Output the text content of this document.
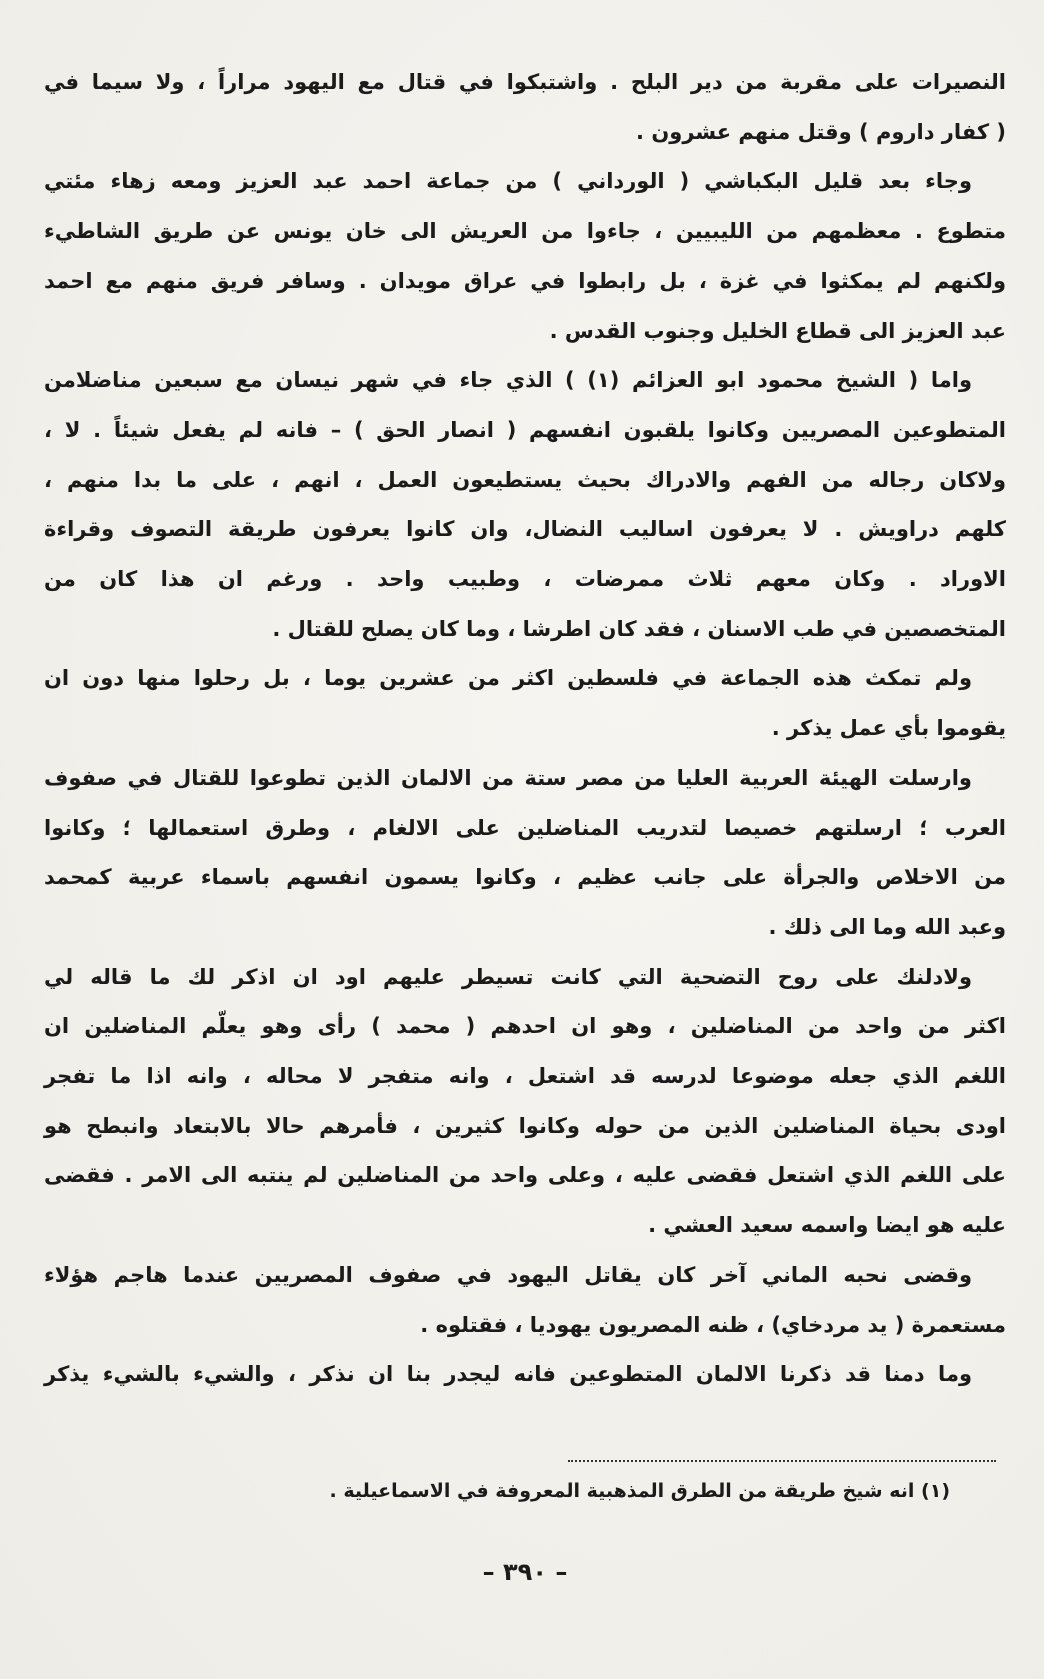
النصيرات على مقربة من دير البلح . واشتبكوا في قتال مع اليهود مراراً ، ولا سيما في
( كفار داروم ) وقتل منهم عشرون .
وجاء بعد قليل البكباشي ( الورداني ) من جماعة احمد عبد العزيز ومعه زهاء مئتي
متطوع . معظمهم من الليبيين ، جاءوا من العريش الى خان يونس عن طريق الشاطيء
ولكنهم لم يمكثوا في غزة ، بل رابطوا في عراق مويدان . وسافر فريق منهم مع احمد
عبد العزيز الى قطاع الخليل وجنوب القدس .
واما ( الشيخ محمود ابو العزائم (١) ) الذي جاء في شهر نيسان مع سبعين مناضلامن
المتطوعين المصريين وكانوا يلقبون انفسهم ( انصار الحق ) – فانه لم يفعل شيئاً . لا ،
ولاكان رجاله من الفهم والادراك بحيث يستطيعون العمل ، انهم ، على ما بدا منهم ،
كلهم دراويش . لا يعرفون اساليب النضال، وان كانوا يعرفون طريقة التصوف وقراءة
الاوراد . وكان معهم ثلاث ممرضات ، وطبيب واحد . ورغم ان هذا كان من
المتخصصين في طب الاسنان ، فقد كان اطرشا ، وما كان يصلح للقتال .
ولم تمكث هذه الجماعة في فلسطين اكثر من عشرين يوما ، بل رحلوا منها دون ان
يقوموا بأي عمل يذكر .
وارسلت الهيئة العربية العليا من مصر ستة من الالمان الذين تطوعوا للقتال في صفوف
العرب ؛ ارسلتهم خصيصا لتدريب المناضلين على الالغام ، وطرق استعمالها ؛ وكانوا
من الاخلاص والجرأة على جانب عظيم ، وكانوا يسمون انفسهم باسماء عربية كمحمد
وعبد الله وما الى ذلك .
ولادلنك على روح التضحية التي كانت تسيطر عليهم اود ان اذكر لك ما قاله لي
اكثر من واحد من المناضلين ، وهو ان احدهم ( محمد ) رأى وهو يعلّم المناضلين ان
اللغم الذي جعله موضوعا لدرسه قد اشتعل ، وانه متفجر لا محاله ، وانه اذا ما تفجر
اودى بحياة المناضلين الذين من حوله وكانوا كثيرين ، فأمرهم حالا بالابتعاد وانبطح هو
على اللغم الذي اشتعل فقضى عليه ، وعلى واحد من المناضلين لم ينتبه الى الامر . فقضى
عليه هو ايضا واسمه سعيد العشي .
وقضى نحبه الماني آخر كان يقاتل اليهود في صفوف المصريين عندما هاجم هؤلاء
مستعمرة ( يد مردخاي) ، ظنه المصريون يهوديا ، فقتلوه .
وما دمنا قد ذكرنا الالمان المتطوعين فانه ليجدر بنا ان نذكر ، والشيء بالشيء يذكر
(١) انه شيخ طريقة من الطرق المذهبية المعروفة في الاسماعيلية .
– ٣٩٠ –
